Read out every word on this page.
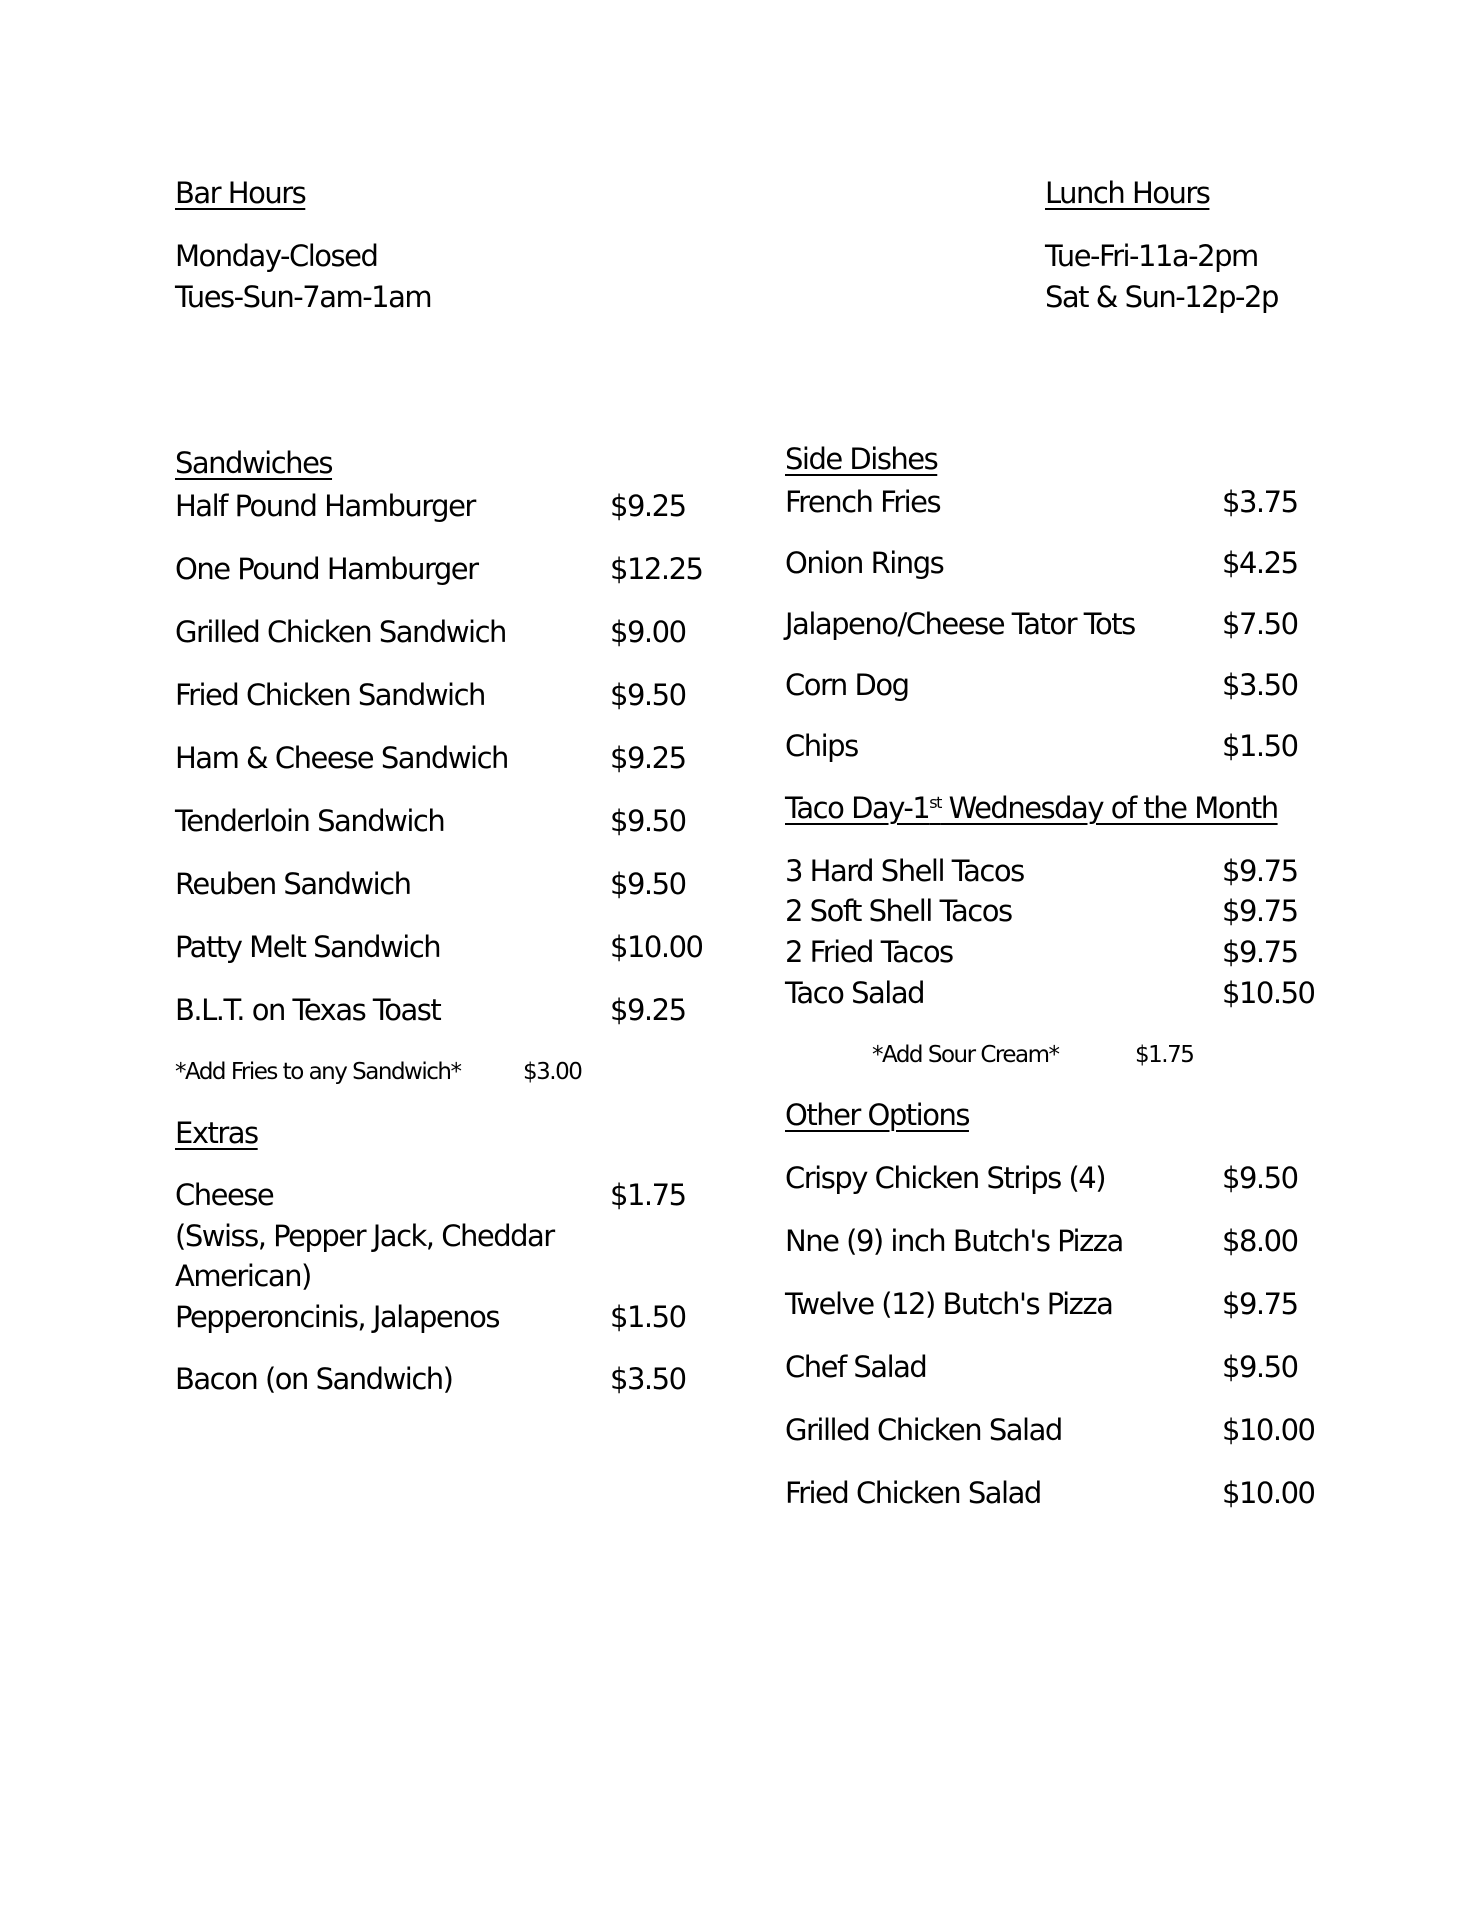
Bar Hours
Monday-Closed
Tues-Sun-7am-1am
Lunch Hours
Tue-Fri-11a-2pm
Sat & Sun-12p-2p
Sandwiches
Half Pound Hamburger	$9.25
One Pound Hamburger	$12.25
Grilled Chicken Sandwich	$9.00
Fried Chicken Sandwich	$9.50
Ham & Cheese Sandwich	$9.25
Tenderloin Sandwich	$9.50
Reuben Sandwich	$9.50
Patty Melt Sandwich	$10.00
B.L.T. on Texas Toast	$9.25
*Add Fries to any Sandwich*	$3.00
Extras
Cheese	$1.75
(Swiss, Pepper Jack, Cheddar
American)
Pepperoncinis, Jalapenos	$1.50
Bacon (on Sandwich)	$3.50
Side Dishes
French Fries	$3.75
Onion Rings	$4.25
Jalapeno/Cheese Tator Tots	$7.50
Corn Dog	$3.50
Chips	$1.50
Taco Day-1st Wednesday of the Month
3 Hard Shell Tacos	$9.75
2 Soft Shell Tacos	$9.75
2 Fried Tacos	$9.75
Taco Salad	$10.50
*Add Sour Cream*	$1.75
Other Options
Crispy Chicken Strips (4)	$9.50
Nne (9) inch Butch's Pizza	$8.00
Twelve (12) Butch's Pizza	$9.75
Chef Salad	$9.50
Grilled Chicken Salad	$10.00
Fried Chicken Salad	$10.00
